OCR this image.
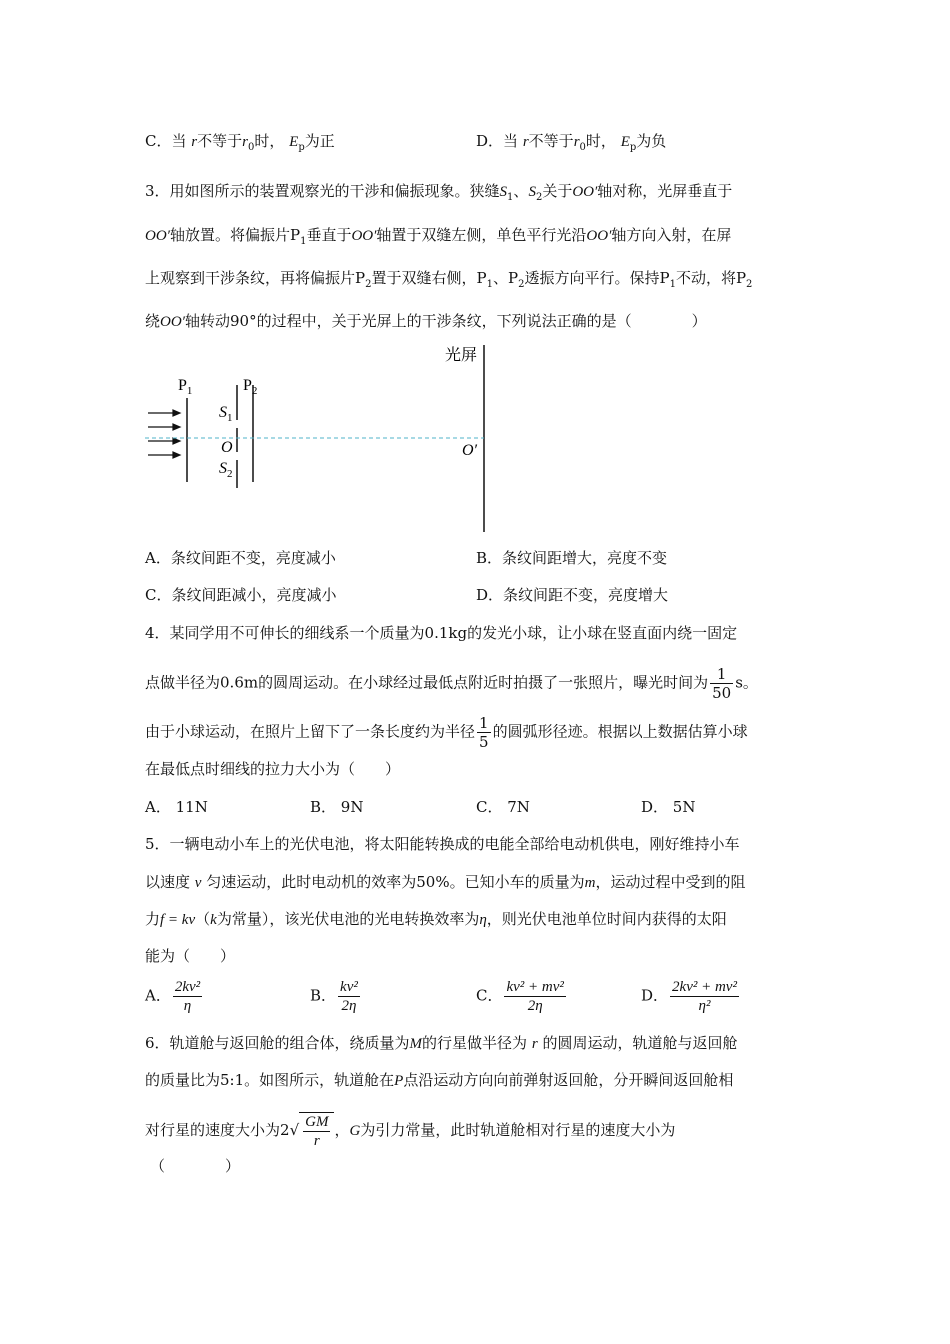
C．当 r不等于$r_0$时， $E_p$为正	D．当 r不等于$r_0$时， $E_p$为负
3．用如图所示的装置观察光的干涉和偏振现象。狭缝$S_1$、$S_2$关于OO′轴对称，光屏垂直于
OO′轴放置。将偏振片$P_1$垂直于OO′轴置于双缝左侧，单色平行光沿OO′轴方向入射，在屏
上观察到干涉条纹，再将偏振片$P_2$置于双缝右侧，$P_1$、$P_2$透振方向平行。保持$P_1$不动，将$P_2$
绕OO′轴转动90°的过程中，关于光屏上的干涉条纹，下列说法正确的是（　　　　）
光屏
$P_1$	$P_2$
$S_1$
O
$S_2$
O′
A．条纹间距不变，亮度减小	B．条纹间距增大，亮度不变
C．条纹间距减小，亮度减小	D．条纹间距不变，亮度增大
4．某同学用不可伸长的细线系一个质量为0.1kg的发光小球，让小球在竖直面内绕一固定
点做半径为0.6m的圆周运动。在小球经过最低点附近时拍摄了一张照片，曝光时间为 $\frac{1}{50}$ s。
由于小球运动，在照片上留下了一条长度约为半径 $\frac{1}{5}$ 的圆弧形径迹。根据以上数据估算小球
在最低点时细线的拉力大小为（　　）
A． 11N	B． 9N	C． 7N	D． 5N
5．一辆电动小车上的光伏电池，将太阳能转换成的电能全部给电动机供电，刚好维持小车
以速度 v 匀速运动，此时电动机的效率为50%。已知小车的质量为m，运动过程中受到的阻
力f = kv（k为常量），该光伏电池的光电转换效率为η，则光伏电池单位时间内获得的太阳
能为（　　）
A． $\frac{\text{2kv²}}{\eta}$	B． $\frac{\text{kv²}}{2\eta}$	C． $\frac{\text{kv² + mv²}}{2\eta}$	D． $\frac{\text{2kv² + mv²}}{\text{η²}}$
6．轨道舱与返回舱的组合体，绕质量为M的行星做半径为 r 的圆周运动，轨道舱与返回舱
的质量比为5:1。如图所示，轨道舱在P点沿运动方向向前弹射返回舱，分开瞬间返回舱相
对行星的速度大小为$2√ \frac{GM}{r}$ ，G为引力常量，此时轨道舱相对行星的速度大小为
（　　　　）
